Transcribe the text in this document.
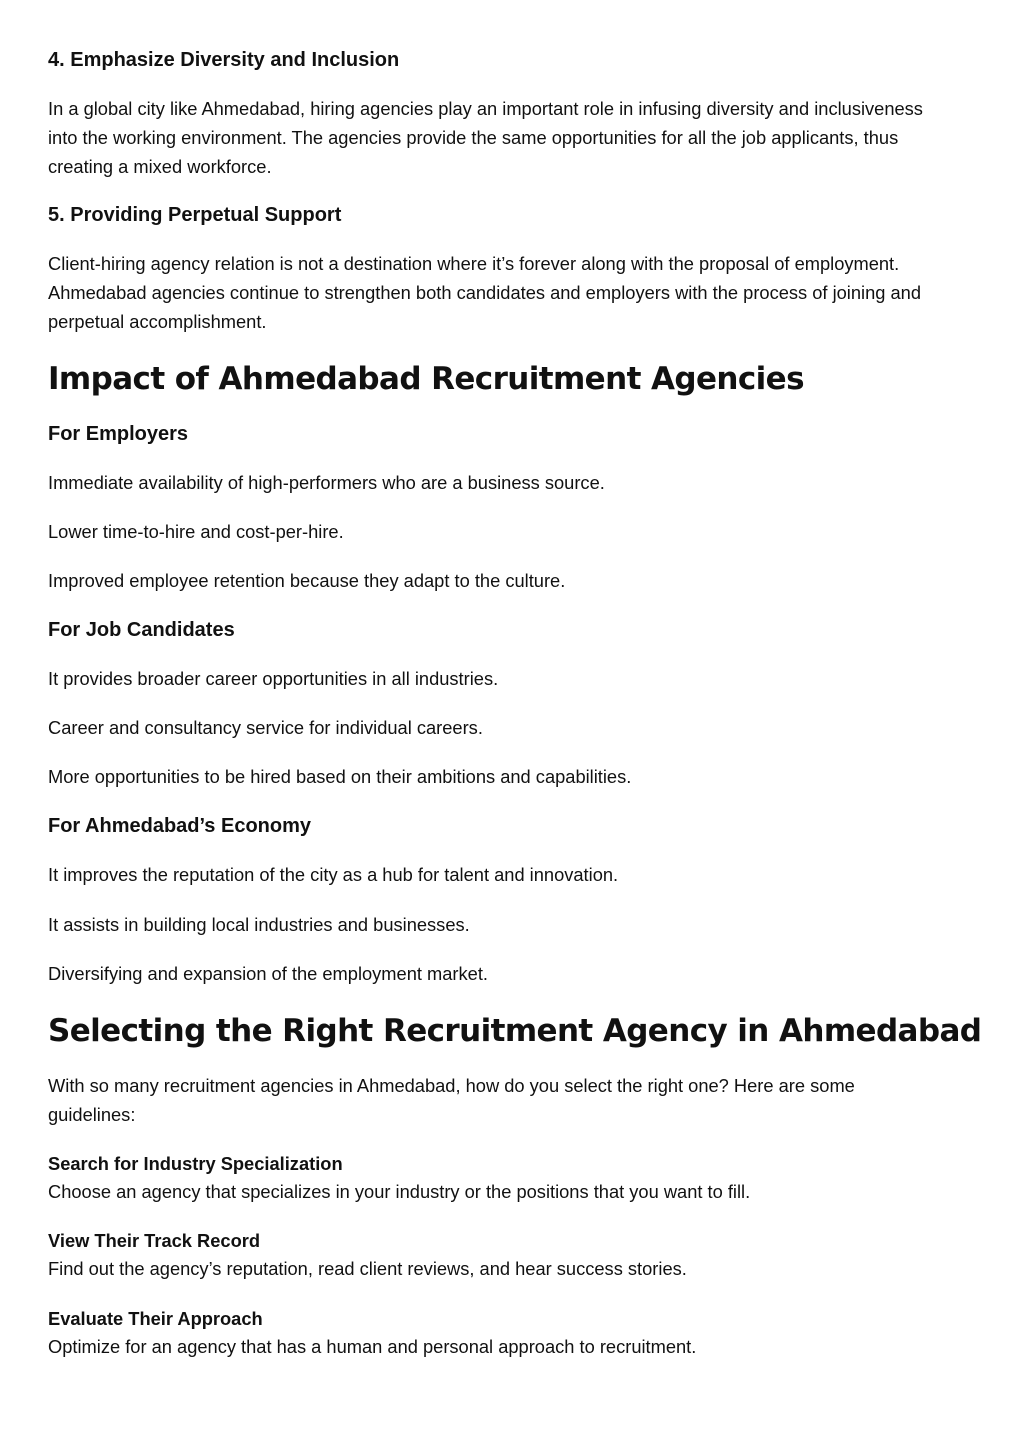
4. Emphasize Diversity and Inclusion

In a global city like Ahmedabad, hiring agencies play an important role in infusing diversity and inclusiveness
into the working environment. The agencies provide the same opportunities for all the job applicants, thus
creating a mixed workforce.

5. Providing Perpetual Support

Client-hiring agency relation is not a destination where it’s forever along with the proposal of employment.
Ahmedabad agencies continue to strengthen both candidates and employers with the process of joining and
perpetual accomplishment.

Impact of Ahmedabad Recruitment Agencies
For Employers

Immediate availability of high-performers who are a business source.

Lower time-to-hire and cost-per-hire.

Improved employee retention because they adapt to the culture.

For Job Candidates

It provides broader career opportunities in all industries.

Career and consultancy service for individual careers.

More opportunities to be hired based on their ambitions and capabilities.

For Ahmedabad’s Economy

It improves the reputation of the city as a hub for talent and innovation.

It assists in building local industries and businesses.

Diversifying and expansion of the employment market.

Selecting the Right Recruitment Agency in Ahmedabad

With so many recruitment agencies in Ahmedabad, how do you select the right one? Here are some
guidelines:

Search for Industry Specialization

Choose an agency that specializes in your industry or the positions that you want to fill.

View Their Track Record

Find out the agency’s reputation, read client reviews, and hear success stories.

Evaluate Their Approach

Optimize for an agency that has a human and personal approach to recruitment.
